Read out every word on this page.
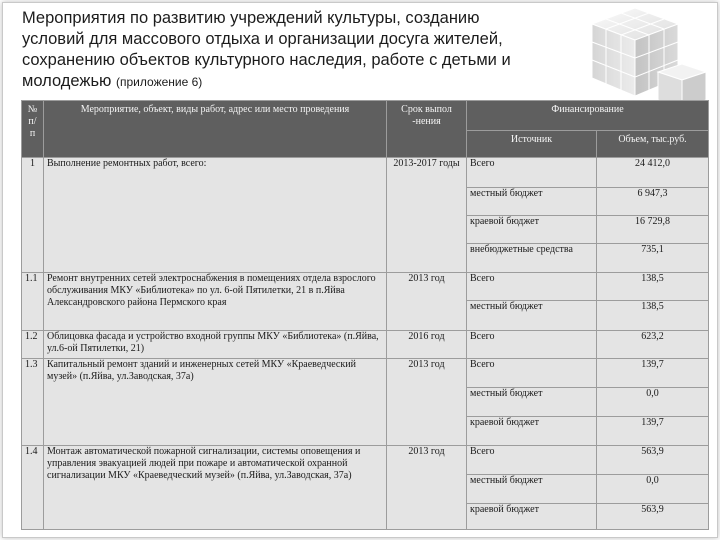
Мероприятия по развитию учреждений культуры, созданию условий для массового отдыха и организации досуга жителей, сохранению объектов культурного наследия, работе с детьми и молодежью (приложение 6)
№ п/ п	Мероприятие, объект, виды работ, адрес или место проведения	Срок выпол -нения	Финансирование	
			Источник	Объем, тыс.руб.
1	Выполнение ремонтных работ, всего:	2013-2017 годы	Всего	24 412,0
			местный бюджет	6 947,3
			краевой бюджет	16 729,8
			внебюджетные средства	735,1
1.1	Ремонт внутренних сетей электроснабжения в помещениях отдела взрослого обслуживания МКУ «Библиотека» по ул. 6-ой Пятилетки, 21 в п.Яйва Александровского района Пермского края	2013 год	Всего	138,5
			местный бюджет	138,5
1.2	Облицовка фасада и устройство входной группы МКУ «Библиотека» (п.Яйва, ул.6-ой Пятилетки, 21)	2016 год	Всего	623,2
1.3	Капитальный ремонт зданий и инженерных сетей МКУ «Краеведческий музей» (п.Яйва, ул.Заводская, 37а)	2013 год	Всего	139,7
			местный бюджет	0,0
			краевой бюджет	139,7
1.4	Монтаж автоматической пожарной сигнализации, системы оповещения и управления эвакуацией людей при пожаре и автоматической охранной сигнализации МКУ «Краеведческий музей» (п.Яйва, ул.Заводская, 37а)	2013 год	Всего	563,9
			местный бюджет	0,0
			краевой бюджет	563,9
